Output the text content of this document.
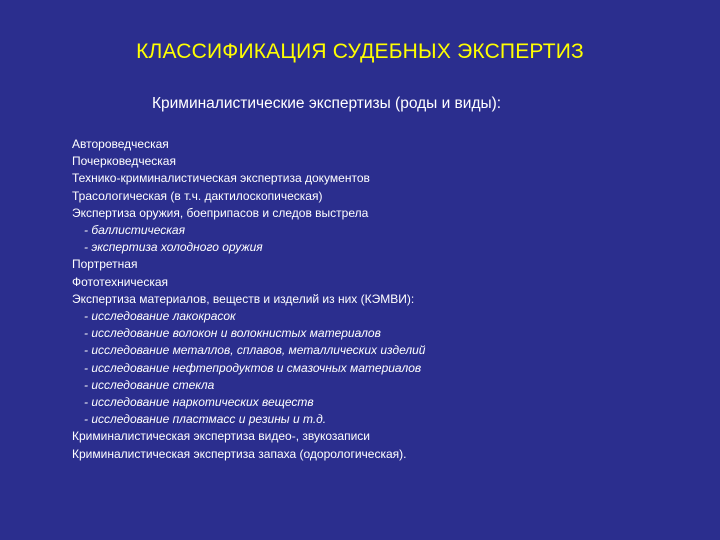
КЛАССИФИКАЦИЯ СУДЕБНЫХ ЭКСПЕРТИЗ
Криминалистические экспертизы (роды и виды):
Автороведческая
Почерковедческая
Технико-криминалистическая экспертиза документов
Трасологическая (в т.ч. дактилоскопическая)
Экспертиза оружия, боеприпасов и следов выстрела
- баллистическая
- экспертиза холодного оружия
Портретная
Фототехническая
Экспертиза материалов, веществ и изделий из них (КЭМВИ):
- исследование лакокрасок
- исследование волокон и волокнистых материалов
- исследование металлов, сплавов, металлических изделий
- исследование нефтепродуктов и смазочных материалов
- исследование стекла
- исследование наркотических веществ
- исследование пластмасс и резины и т.д.
Криминалистическая экспертиза видео-, звукозаписи
Криминалистическая экспертиза запаха (одорологическая).
